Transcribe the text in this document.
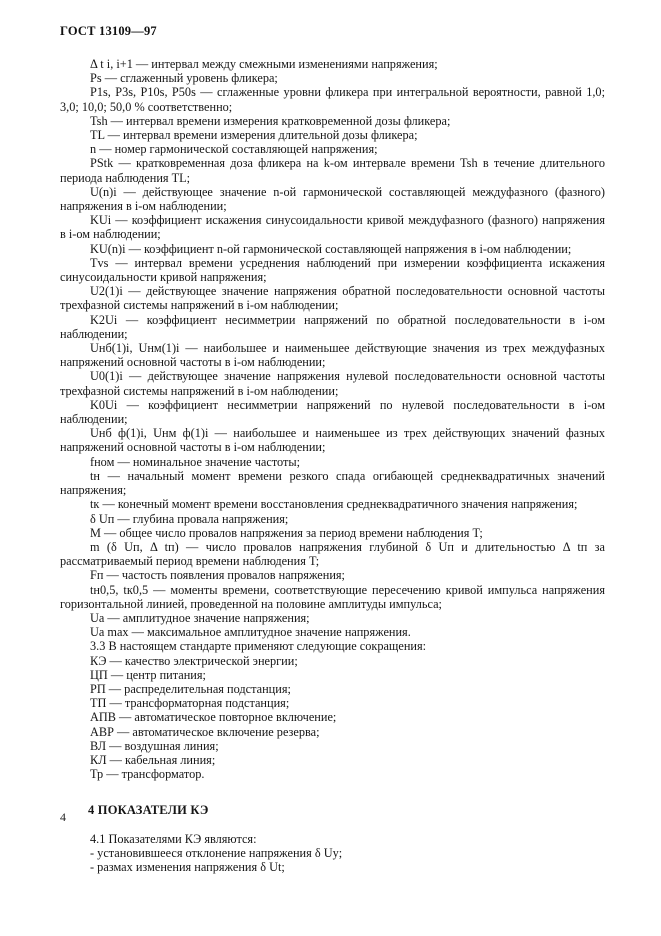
ГОСТ 13109—97

Δ t i, i+1 — интервал между смежными изменениями напряжения;

Ps — сглаженный уровень фликера;

P1s, P3s, P10s, P50s — сглаженные уровни фликера при интегральной вероятности, равной 1,0; 3,0; 10,0; 50,0 % соответственно;

Tsh — интервал времени измерения кратковременной дозы фликера;

TL — интервал времени измерения длительной дозы фликера;

n — номер гармонической составляющей напряжения;

PStk — кратковременная доза фликера на k-ом интервале времени Tsh в течение длительного периода наблюдения TL;

U(n)i — действующее значение n-ой гармонической составляющей междуфазного (фазного) напряжения в i-ом наблюдении;

KUi — коэффициент искажения синусоидальности кривой междуфазного (фазного) напряжения в i-ом наблюдении;

KU(n)i — коэффициент n-ой гармонической составляющей напряжения в i-ом наблюдении;

Tvs — интервал времени усреднения наблюдений при измерении коэффициента искажения синусоидальности кривой напряжения;

U2(1)i — действующее значение напряжения обратной последовательности основной частоты трехфазной системы напряжений в i-ом наблюдении;

K2Ui — коэффициент несимметрии напряжений по обратной последовательности в i-ом наблюдении;

Uнб(1)i, Uнм(1)i — наибольшее и наименьшее действующие значения из трех междуфазных напряжений основной частоты в i-ом наблюдении;

U0(1)i — действующее значение напряжения нулевой последовательности основной частоты трехфазной системы напряжений в i-ом наблюдении;

K0Ui — коэффициент несимметрии напряжений по нулевой последовательности в i-ом наблюдении;

Uнб ф(1)i, Uнм ф(1)i — наибольшее и наименьшее из трех действующих значений фазных напряжений основной частоты в i-ом наблюдении;

fном — номинальное значение частоты;

tн — начальный момент времени резкого спада огибающей среднеквадратичных значений напряжения;

tк — конечный момент времени восстановления среднеквадратичного значения напряжения;

δ Uп — глубина провала напряжения;

M — общее число провалов напряжения за период времени наблюдения T;

m (δ Uп, Δ tп) — число провалов напряжения глубиной δ Uп и длительностью Δ tп за рассматриваемый период времени наблюдения T;

Fп — частость появления провалов напряжения;

tн0,5, tк0,5 — моменты времени, соответствующие пересечению кривой импульса напряжения горизонтальной линией, проведенной на половине амплитуды импульса;

Ua — амплитудное значение напряжения;

Ua max — максимальное амплитудное значение напряжения.

3.3 В настоящем стандарте применяют следующие сокращения:

КЭ — качество электрической энергии;

ЦП — центр питания;

РП — распределительная подстанция;

ТП — трансформаторная подстанция;

АПВ — автоматическое повторное включение;

АВР — автоматическое включение резерва;

ВЛ — воздушная линия;

КЛ — кабельная линия;

Тр — трансформатор.

4 ПОКАЗАТЕЛИ КЭ

4.1 Показателями КЭ являются:

- установившееся отклонение напряжения δ Uy;

- размах изменения напряжения δ Ut;

4
